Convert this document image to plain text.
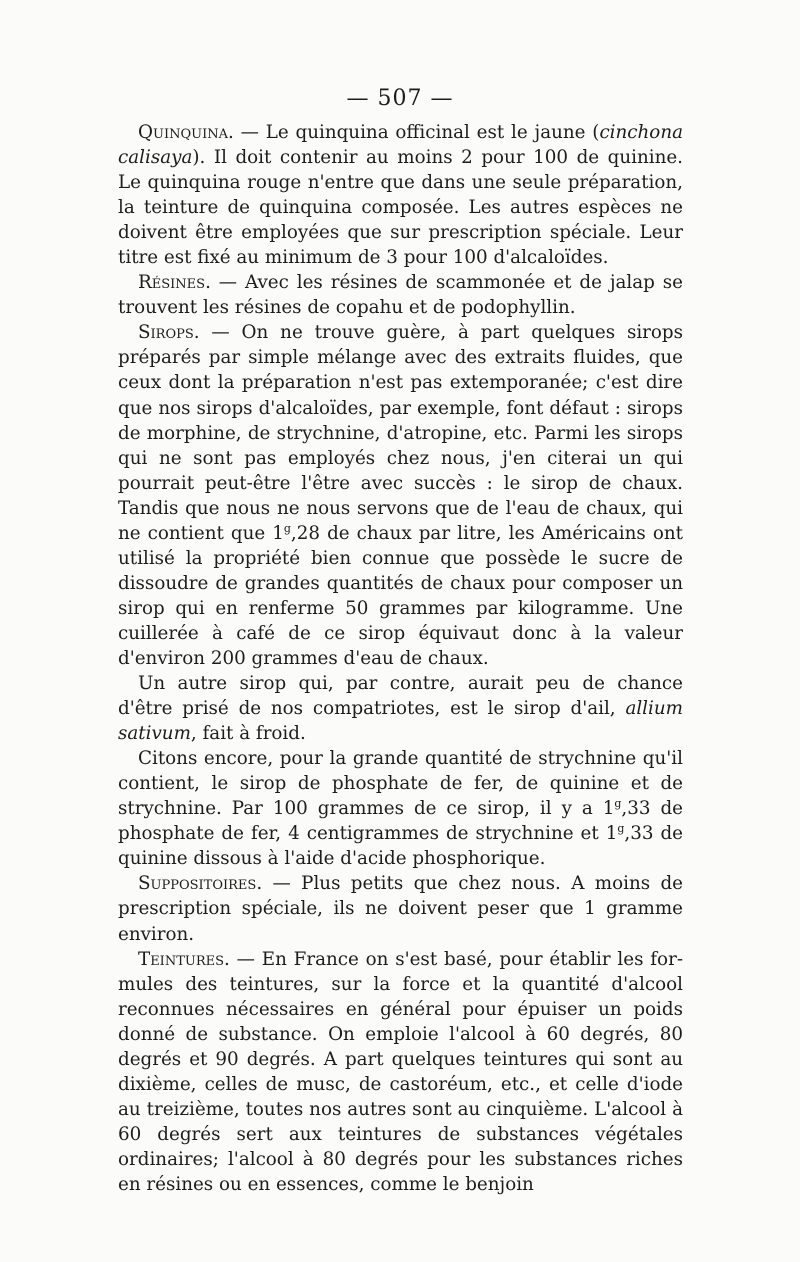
— 507 —

Quinquina. — Le quinquina officinal est le jaune (cinchona calisaya). Il doit contenir au moins 2 pour 100 de quinine. Le quinquina rouge n'entre que dans une seule préparation, la teinture de quinquina composée. Les autres espèces ne doivent être employées que sur prescription spéciale. Leur titre est fixé au minimum de 3 pour 100 d'alcaloïdes.

Résines. — Avec les résines de scammonée et de jalap se trouvent les résines de copahu et de podophyllin.

Sirops. — On ne trouve guère, à part quelques sirops préparés par simple mélange avec des extraits fluides, que ceux dont la préparation n'est pas extemporanée; c'est dire que nos sirops d'alcaloïdes, par exemple, font défaut : sirops de morphine, de strychnine, d'atropine, etc. Parmi les sirops qui ne sont pas employés chez nous, j'en citerai un qui pourrait peut-être l'être avec succès : le sirop de chaux. Tandis que nous ne nous servons que de l'eau de chaux, qui ne contient que 1$^g$,28 de chaux par litre, les Américains ont utilisé la propriété bien connue que possède le sucre de dissoudre de grandes quantités de chaux pour composer un sirop qui en renferme 50 grammes par kilogramme. Une cuillerée à café de ce sirop équivaut donc à la valeur d'environ 200 grammes d'eau de chaux.

Un autre sirop qui, par contre, aurait peu de chance d'être prisé de nos compatriotes, est le sirop d'ail, allium sativum, fait à froid.

Citons encore, pour la grande quantité de strychnine qu'il contient, le sirop de phosphate de fer, de quinine et de strychnine. Par 100 grammes de ce sirop, il y a 1$^g$,33 de phosphate de fer, 4 centigrammes de strychnine et 1$^g$,33 de quinine dissous à l'aide d'acide phosphorique.

Suppositoires. — Plus petits que chez nous. A moins de prescription spéciale, ils ne doivent peser que 1 gramme environ.

Teintures. — En France on s'est basé, pour établir les formules des teintures, sur la force et la quantité d'alcool reconnues nécessaires en général pour épuiser un poids donné de substance. On emploie l'alcool à 60 degrés, 80 degrés et 90 degrés. A part quelques teintures qui sont au dixième, celles de musc, de castoréum, etc., et celle d'iode au treizième, toutes nos autres sont au cinquième. L'alcool à 60 degrés sert aux teintures de substances végétales ordinaires; l'alcool à 80 degrés pour les substances riches en résines ou en essences, comme le benjoin
